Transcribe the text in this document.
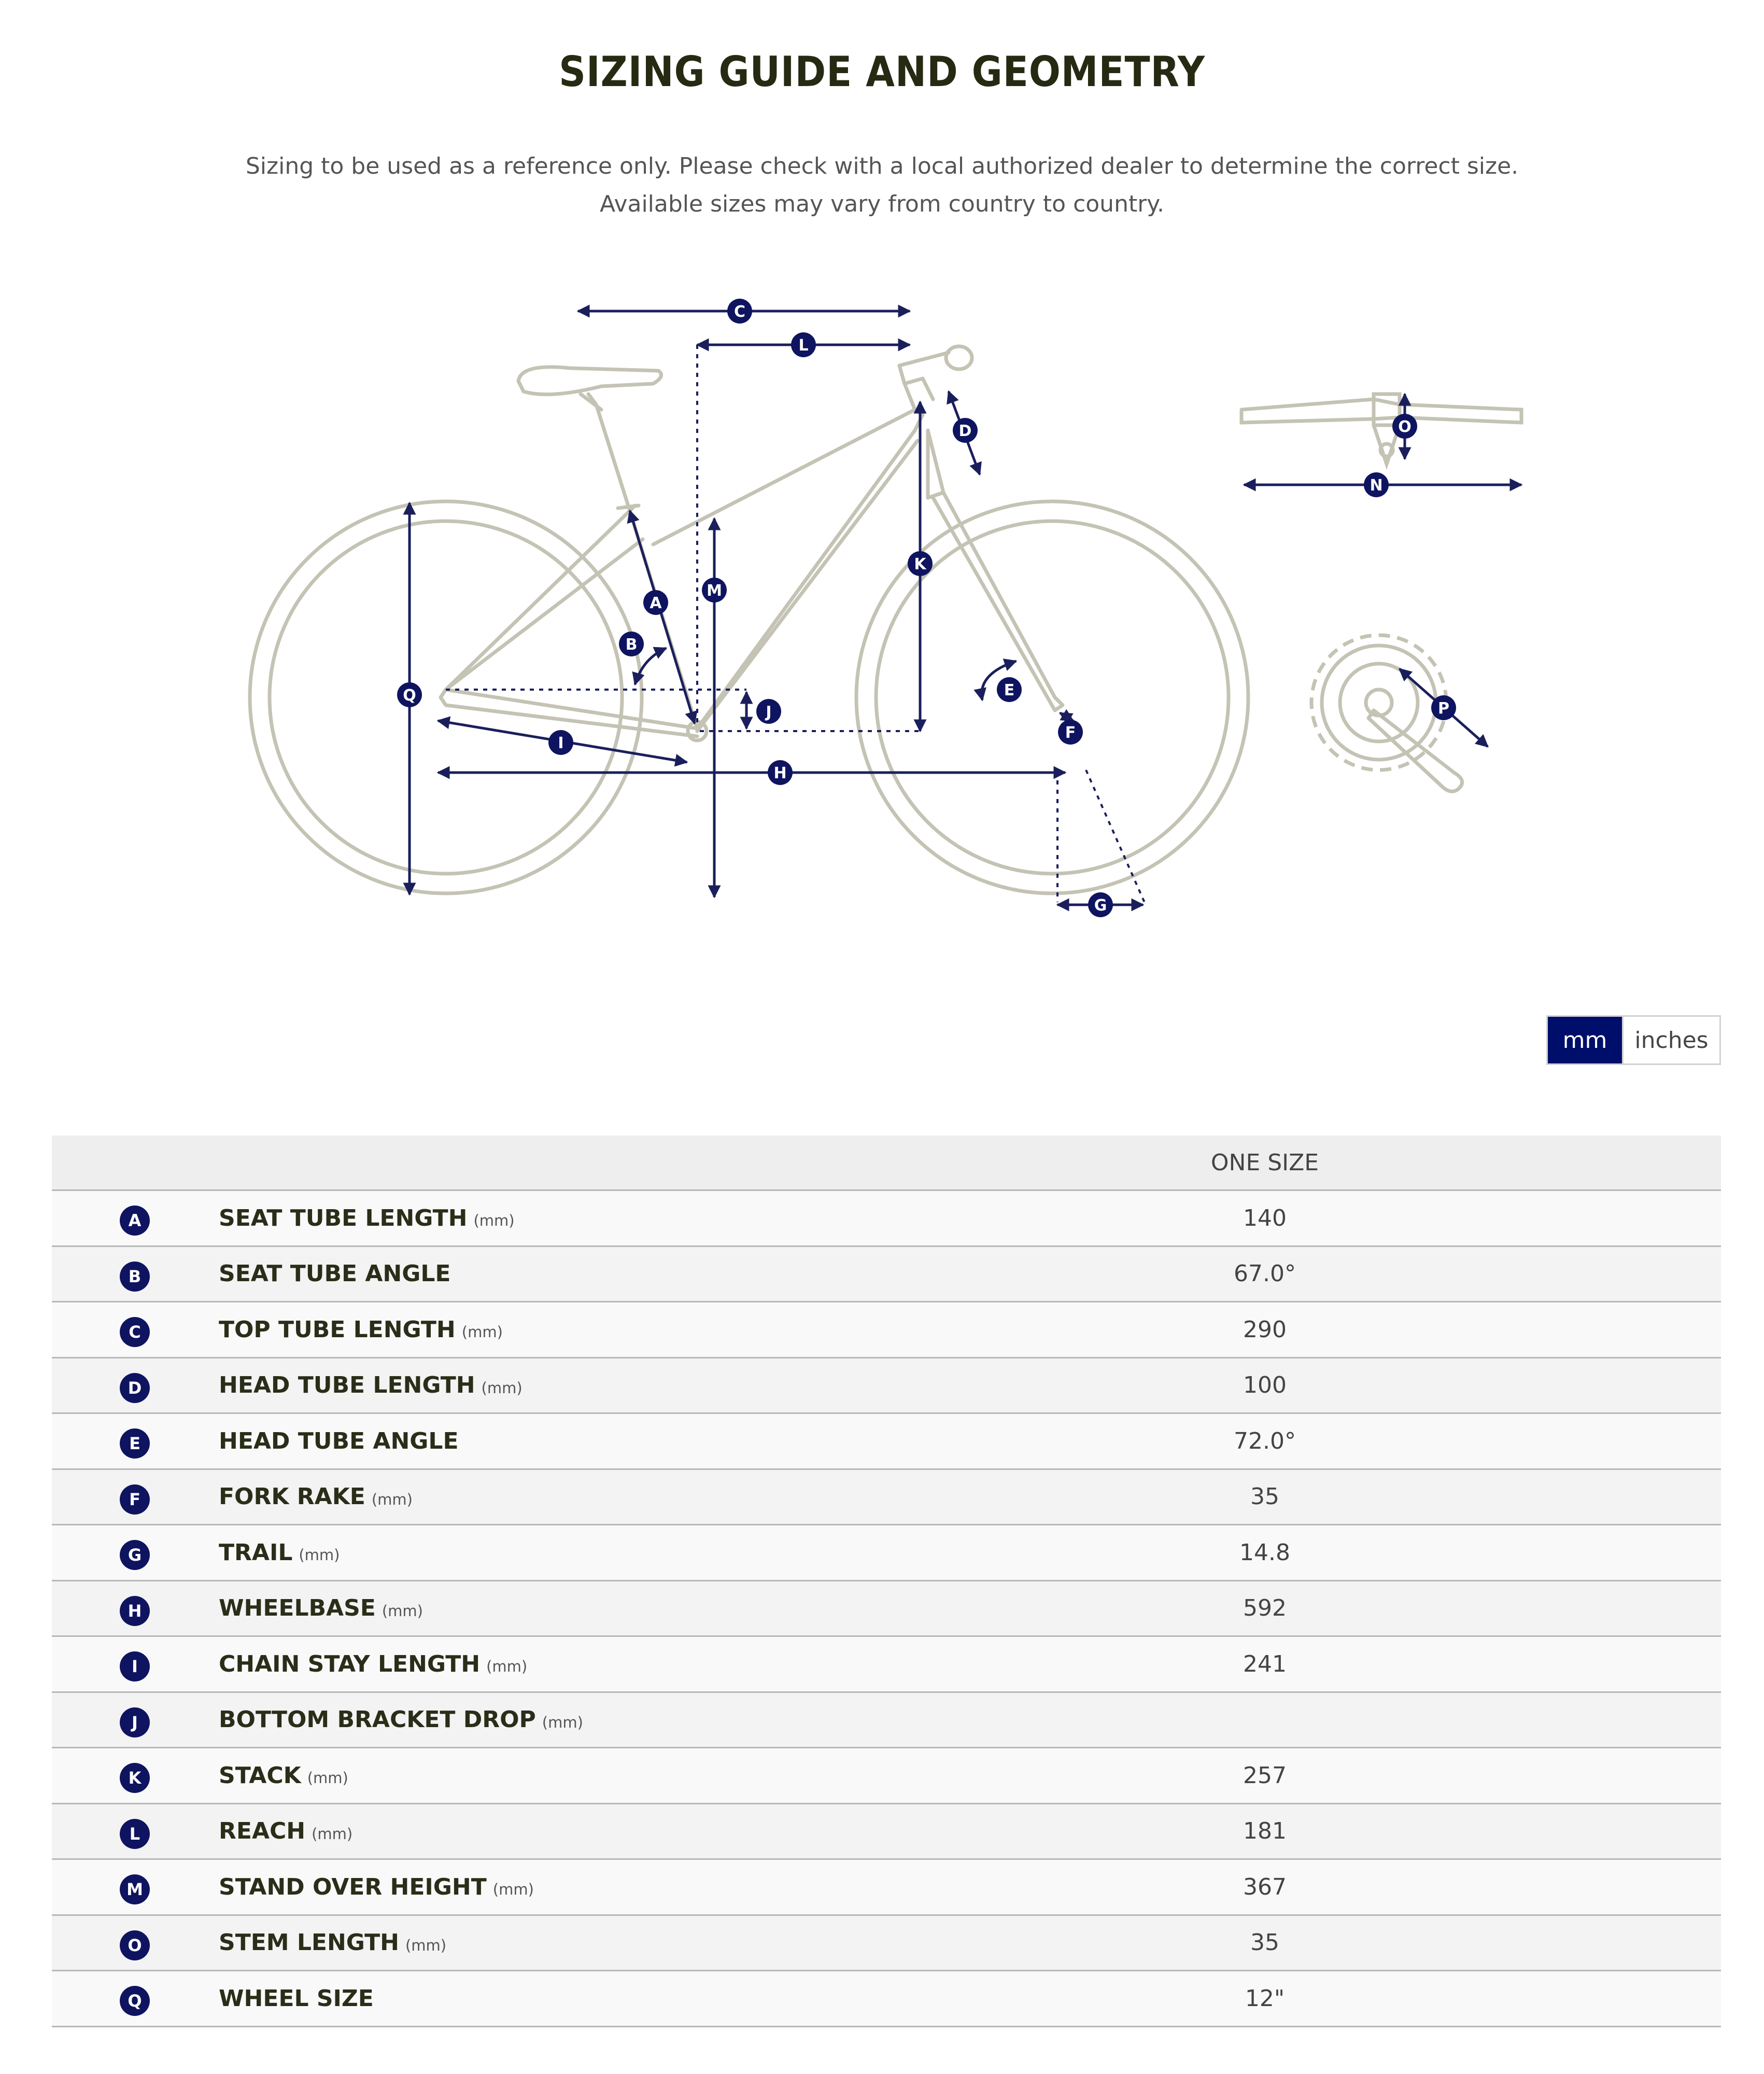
SIZING GUIDE AND GEOMETRY
Sizing to be used as a reference only. Please check with a local authorized dealer to determine the correct size.
Available sizes may vary from country to country.
C
L
D
K
M
A
B
Q
J
E
F
I
H
G
O
N
P
mm	inches
ONE SIZE
A	SEAT TUBE LENGTH (mm)	140
B	SEAT TUBE ANGLE	67.0°
C	TOP TUBE LENGTH (mm)	290
D	HEAD TUBE LENGTH (mm)	100
E	HEAD TUBE ANGLE	72.0°
F	FORK RAKE (mm)	35
G	TRAIL (mm)	14.8
H	WHEELBASE (mm)	592
I	CHAIN STAY LENGTH (mm)	241
J	BOTTOM BRACKET DROP (mm)
K	STACK (mm)	257
L	REACH (mm)	181
M	STAND OVER HEIGHT (mm)	367
O	STEM LENGTH (mm)	35
Q	WHEEL SIZE	12"
